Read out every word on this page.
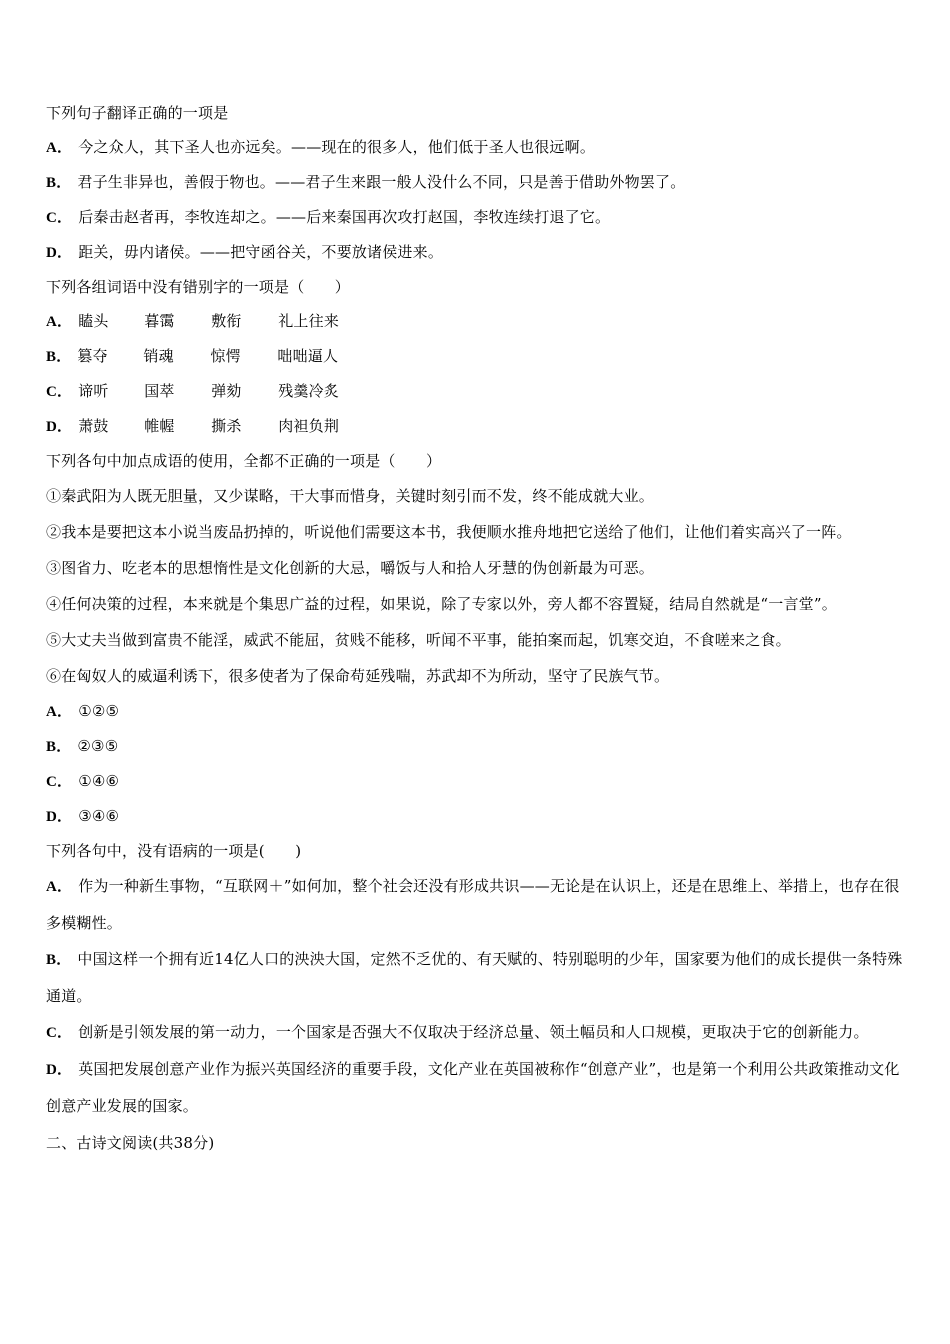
下列句子翻译正确的一项是
A． 今之众人，其下圣人也亦远矣。——现在的很多人，他们低于圣人也很远啊。
B． 君子生非异也，善假于物也。——君子生来跟一般人没什么不同，只是善于借助外物罢了。
C． 后秦击赵者再，李牧连却之。——后来秦国再次攻打赵国，李牧连续打退了它。
D． 距关，毋内诸侯。——把守函谷关，不要放诸侯进来。
下列各组词语中没有错别字的一项是（　　）
A． 瞌头 暮霭 敷衔 礼上往来
B． 篡夺 销魂 惊愕 咄咄逼人
C． 谛听 国萃 弹劾 残羹冷炙
D． 萧鼓 帷幄 撕杀 肉袒负荆
下列各句中加点成语的使用，全都不正确的一项是（　　）
①秦武阳为人既无胆量，又少谋略，干大事而惜身，关键时刻引而不发，终不能成就大业。
②我本是要把这本小说当废品扔掉的，听说他们需要这本书，我便顺水推舟地把它送给了他们，让他们着实高兴了一阵。
③图省力、吃老本的思想惰性是文化创新的大忌，嚼饭与人和拾人牙慧的伪创新最为可恶。
④任何决策的过程，本来就是个集思广益的过程，如果说，除了专家以外，旁人都不容置疑，结局自然就是“一言堂”。
⑤大丈夫当做到富贵不能淫，威武不能屈，贫贱不能移，听闻不平事，能拍案而起，饥寒交迫，不食嗟来之食。
⑥在匈奴人的威逼利诱下，很多使者为了保命苟延残喘，苏武却不为所动，坚守了民族气节。
A． ①②⑤
B． ②③⑤
C． ①④⑥
D． ③④⑥
下列各句中，没有语病的一项是(　　)
A． 作为一种新生事物，“互联网＋”如何加，整个社会还没有形成共识——无论是在认识上，还是在思维上、举措上，也存在很多模糊性。
B． 中国这样一个拥有近14亿人口的泱泱大国，定然不乏优的、有天赋的、特别聪明的少年，国家要为他们的成长提供一条特殊通道。
C． 创新是引领发展的第一动力，一个国家是否强大不仅取决于经济总量、领土幅员和人口规模，更取决于它的创新能力。
D． 英国把发展创意产业作为振兴英国经济的重要手段，文化产业在英国被称作“创意产业”，也是第一个利用公共政策推动文化创意产业发展的国家。
二、古诗文阅读(共38分)
